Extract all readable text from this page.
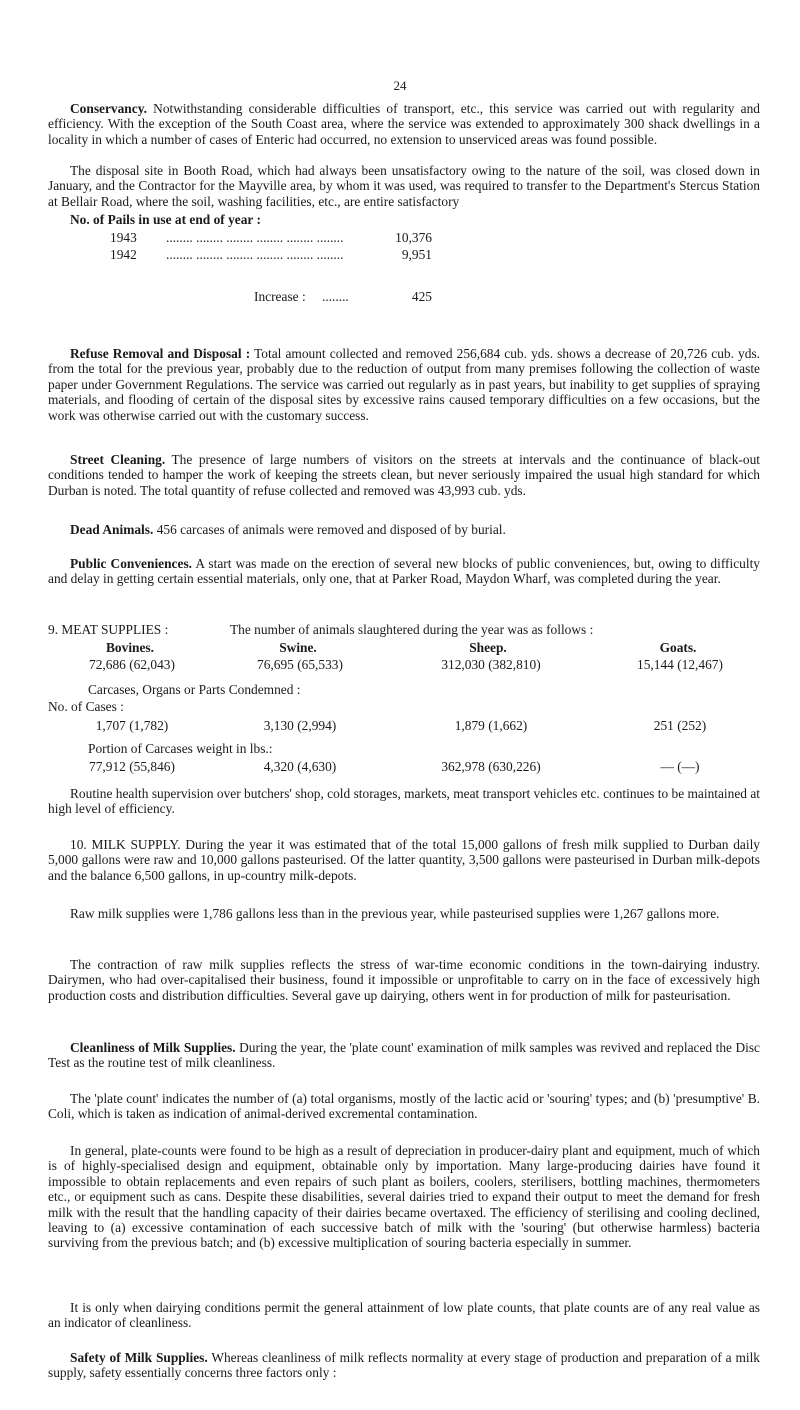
24

Conservancy. Notwithstanding considerable difficulties of transport, etc., this service was carried out with regularity and efficiency. With the exception of the South Coast area, where the service was extended to approximately 300 shack dwellings in a locality in which a number of cases of Enteric had occurred, no extension to unserviced areas was found possible.

The disposal site in Booth Road, which had always been unsatisfactory owing to the nature of the soil, was closed down in January, and the Contractor for the Mayville area, by whom it was used, was required to transfer to the Department's Stercus Station at Bellair Road, where the soil, washing facilities, etc., are entire satisfactory

No. of Pails in use at end of year :
1943 ........ ........ ........ ........ ........ ........	10,376
1942 ........ ........ ........ ........ ........ ........	9,951
Increase : ........	425

Refuse Removal and Disposal : Total amount collected and removed 256,684 cub. yds. shows a decrease of 20,726 cub. yds. from the total for the previous year, probably due to the reduction of output from many premises following the collection of waste paper under Government Regulations. The service was carried out regularly as in past years, but inability to get supplies of spraying materials, and flooding of certain of the disposal sites by excessive rains caused temporary difficulties on a few occasions, but the work was otherwise carried out with the customary success.

Street Cleaning. The presence of large numbers of visitors on the streets at intervals and the continuance of black-out conditions tended to hamper the work of keeping the streets clean, but never seriously impaired the usual high standard for which Durban is noted. The total quantity of refuse collected and removed was 43,993 cub. yds.

Dead Animals. 456 carcases of animals were removed and disposed of by burial.

Public Conveniences. A start was made on the erection of several new blocks of public conveniences, but, owing to difficulty and delay in getting certain essential materials, only one, that at Parker Road, Maydon Wharf, was completed during the year.

9. MEAT SUPPLIES :	The number of animals slaughtered during the year was as follows :
Bovines.	Swine.	Sheep.	Goats.
72,686 (62,043)	76,695 (65,533)	312,030 (382,810)	15,144 (12,467)
Carcases, Organs or Parts Condemned :
No. of Cases :
1,707 (1,782)	3,130 (2,994)	1,879 (1,662)	251 (252)
Portion of Carcases weight in lbs.:
77,912 (55,846)	4,320 (4,630)	362,978 (630,226)	— (—)

Routine health supervision over butchers' shop, cold storages, markets, meat transport vehicles etc. continues to be maintained at high level of efficiency.

10. MILK SUPPLY. During the year it was estimated that of the total 15,000 gallons of fresh milk supplied to Durban daily 5,000 gallons were raw and 10,000 gallons pasteurised. Of the latter quantity, 3,500 gallons were pasteurised in Durban milk-depots and the balance 6,500 gallons, in up-country milk-depots.

Raw milk supplies were 1,786 gallons less than in the previous year, while pasteurised supplies were 1,267 gallons more.

The contraction of raw milk supplies reflects the stress of war-time economic conditions in the town-dairying industry. Dairymen, who had over-capitalised their business, found it impossible or unprofitable to carry on in the face of excessively high production costs and distribution difficulties. Several gave up dairying, others went in for production of milk for pasteurisation.

Cleanliness of Milk Supplies. During the year, the 'plate count' examination of milk samples was revived and replaced the Disc Test as the routine test of milk cleanliness.

The 'plate count' indicates the number of (a) total organisms, mostly of the lactic acid or 'souring' types; and (b) 'presumptive' B. Coli, which is taken as indication of animal-derived excremental contamination.

In general, plate-counts were found to be high as a result of depreciation in producer-dairy plant and equipment, much of which is of highly-specialised design and equipment, obtainable only by importation. Many large-producing dairies have found it impossible to obtain replacements and even repairs of such plant as boilers, coolers, sterilisers, bottling machines, thermometers etc., or equipment such as cans. Despite these disabilities, several dairies tried to expand their output to meet the demand for fresh milk with the result that the handling capacity of their dairies became overtaxed. The efficiency of sterilising and cooling declined, leaving to (a) excessive contamination of each successive batch of milk with the 'souring' (but otherwise harmless) bacteria surviving from the previous batch; and (b) excessive multiplication of souring bacteria especially in summer.

It is only when dairying conditions permit the general attainment of low plate counts, that plate counts are of any real value as an indicator of cleanliness.

Safety of Milk Supplies. Whereas cleanliness of milk reflects normality at every stage of production and preparation of a milk supply, safety essentially concerns three factors only :
